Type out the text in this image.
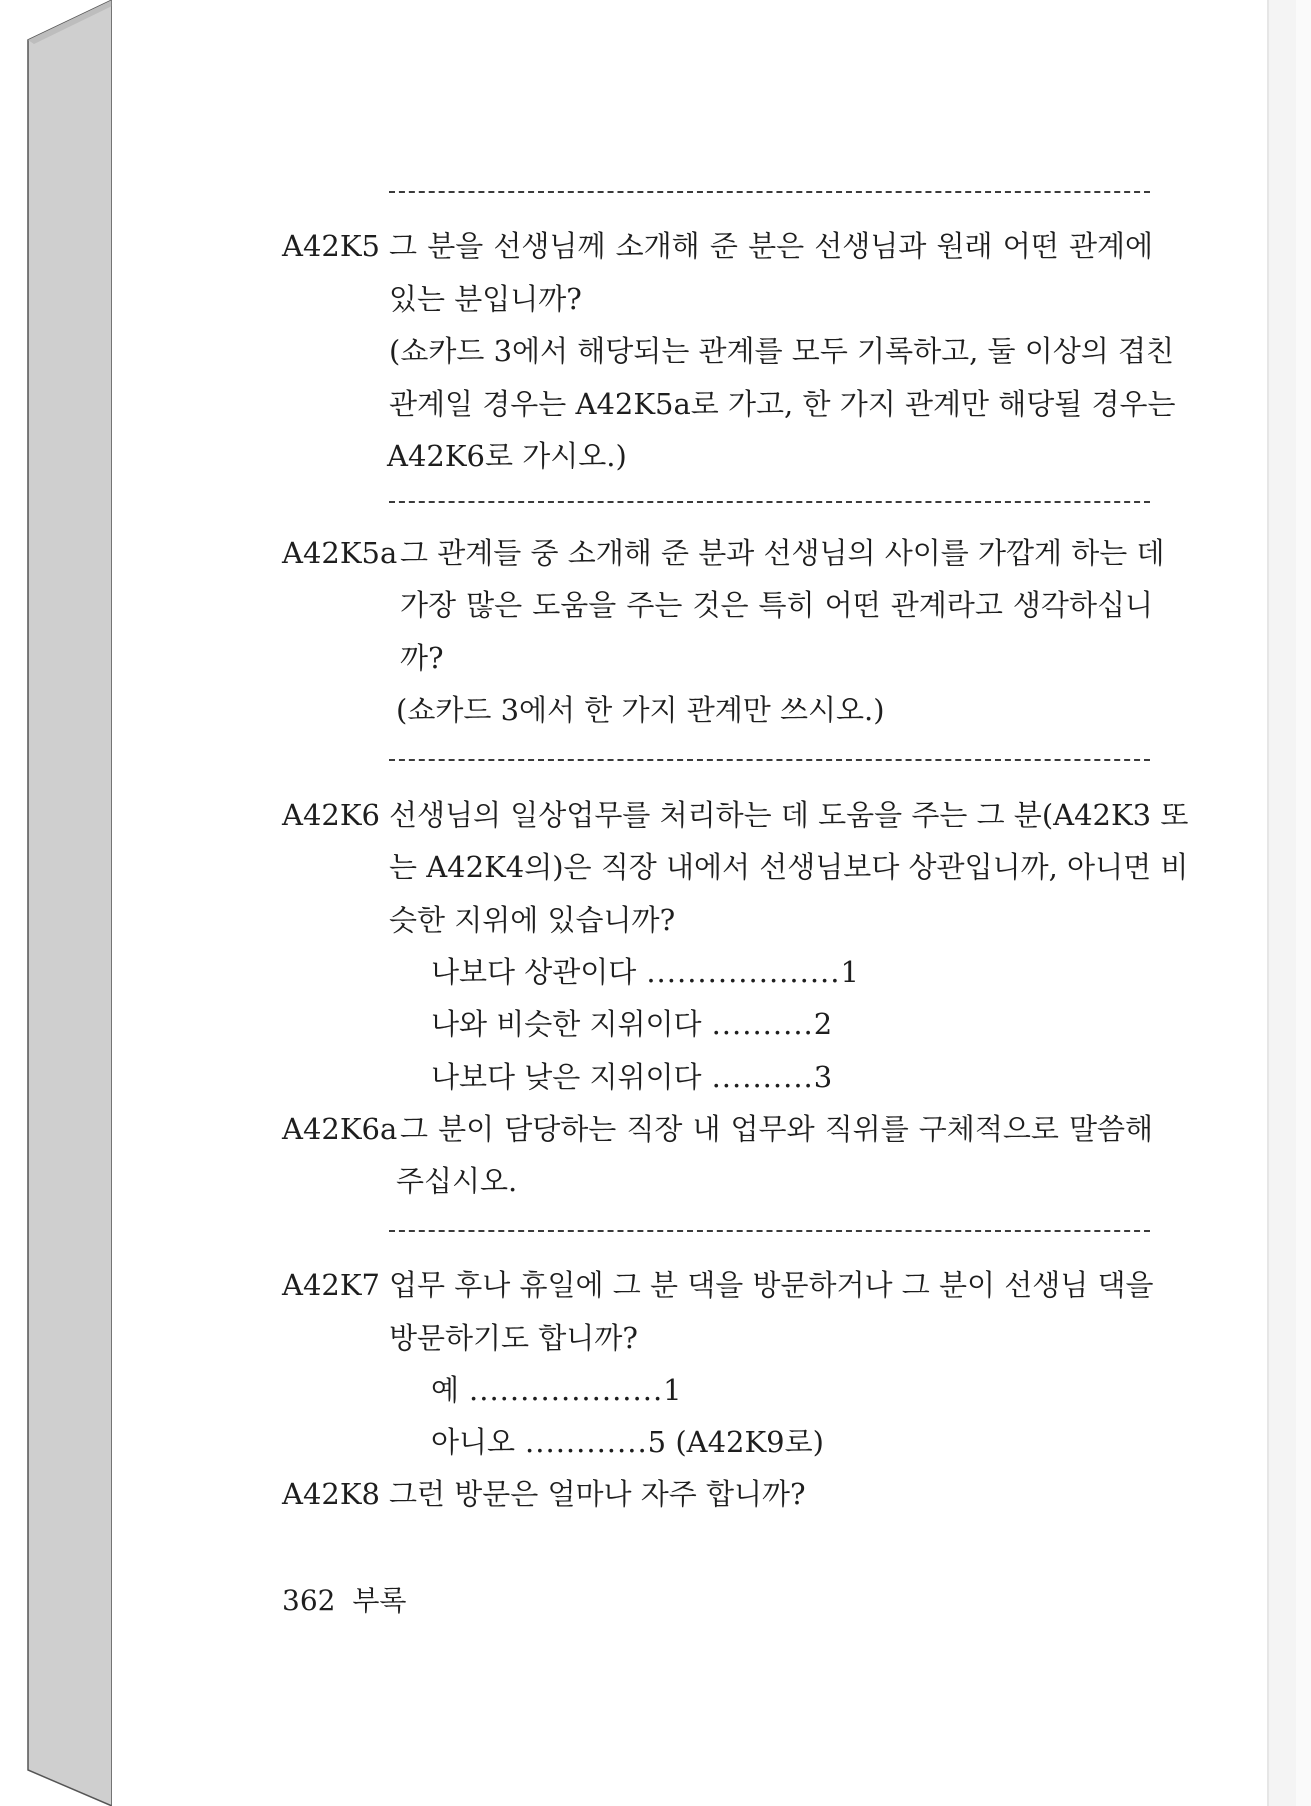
A42K5 그 분을 선생님께 소개해 준 분은 선생님과 원래 어떤 관계에
있는 분입니까?
(쇼카드 3에서 해당되는 관계를 모두 기록하고, 둘 이상의 겹친
관계일 경우는 A42K5a로 가고, 한 가지 관계만 해당될 경우는
A42K6로 가시오.)
A42K5a 그 관계들 중 소개해 준 분과 선생님의 사이를 가깝게 하는 데
가장 많은 도움을 주는 것은 특히 어떤 관계라고 생각하십니
까?
(쇼카드 3에서 한 가지 관계만 쓰시오.)
A42K6 선생님의 일상업무를 처리하는 데 도움을 주는 그 분(A42K3 또
는 A42K4의)은 직장 내에서 선생님보다 상관입니까, 아니면 비
슷한 지위에 있습니까?
나보다 상관이다 ................... 1
나와 비슷한 지위이다 .......... 2
나보다 낮은 지위이다 .......... 3
A42K6a 그 분이 담당하는 직장 내 업무와 직위를 구체적으로 말씀해
주십시오.
A42K7 업무 후나 휴일에 그 분 댁을 방문하거나 그 분이 선생님 댁을
방문하기도 합니까?
예 ................... 1
아니오 ............ 5 (A42K9로)
A42K8 그런 방문은 얼마나 자주 합니까?
362 부록
